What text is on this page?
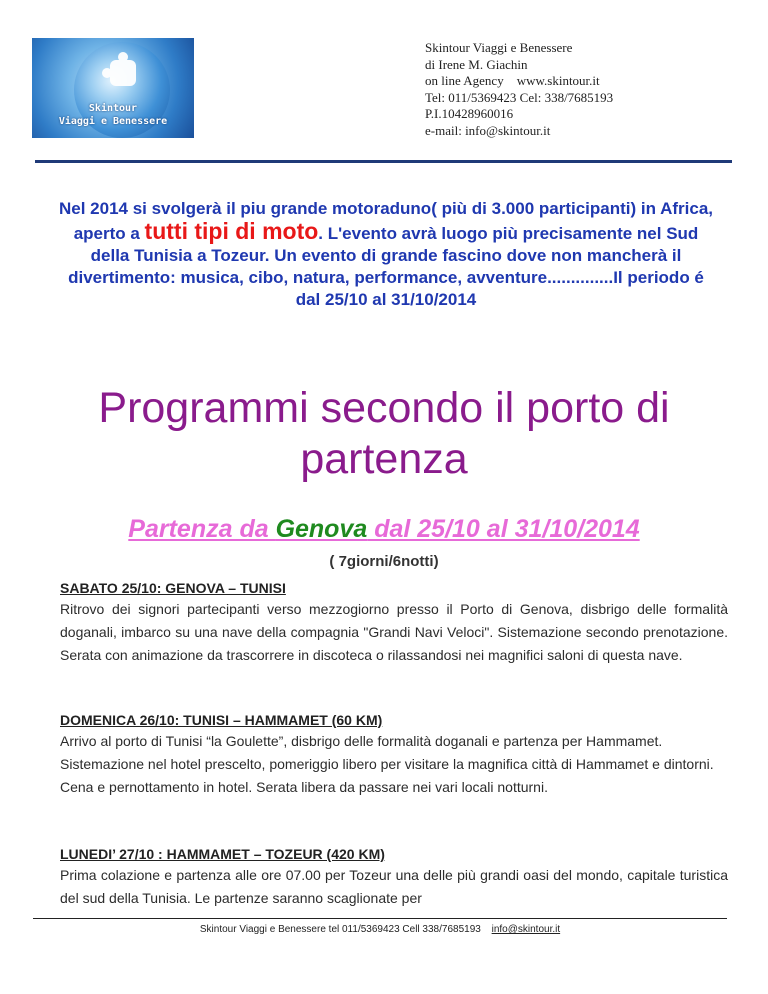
Skintour
Viaggi e Benessere
Skintour Viaggi e Benessere
di Irene M. Giachin
on line Agency    www.skintour.it
Tel: 011/5369423 Cel: 338/7685193
P.I.10428960016
e-mail: info@skintour.it
Nel 2014 si svolgerà il piu grande motoraduno( più di 3.000 participanti) in Africa, aperto a tutti tipi di moto. L'evento avrà luogo più precisamente nel Sud della Tunisia a Tozeur. Un evento di grande fascino dove non mancherà il divertimento: musica, cibo, natura, performance, avventure..............Il periodo é dal 25/10 al 31/10/2014
Programmi secondo il porto di partenza
Partenza da Genova dal 25/10 al 31/10/2014
( 7giorni/6notti)
SABATO 25/10: GENOVA – TUNISI
Ritrovo dei signori partecipanti verso mezzogiorno presso il Porto di Genova, disbrigo delle formalità doganali, imbarco su una nave della compagnia "Grandi Navi Veloci". Sistemazione secondo prenotazione. Serata con animazione da trascorrere in discoteca o rilassandosi nei magnifici saloni di questa nave.
DOMENICA 26/10: TUNISI – HAMMAMET (60 KM)
Arrivo al porto di Tunisi “la Goulette”, disbrigo delle formalità doganali e partenza per Hammamet. Sistemazione nel hotel prescelto, pomeriggio libero per visitare la magnifica città di Hammamet e dintorni. Cena e pernottamento in hotel. Serata libera da passare nei vari locali notturni.
LUNEDI’ 27/10 : HAMMAMET – TOZEUR (420 KM)
Prima colazione e partenza alle ore 07.00 per Tozeur una delle più grandi oasi del mondo, capitale turistica del sud della Tunisia. Le partenze saranno scaglionate per
Skintour Viaggi e Benessere tel 011/5369423 Cell 338/7685193 info@skintour.it
